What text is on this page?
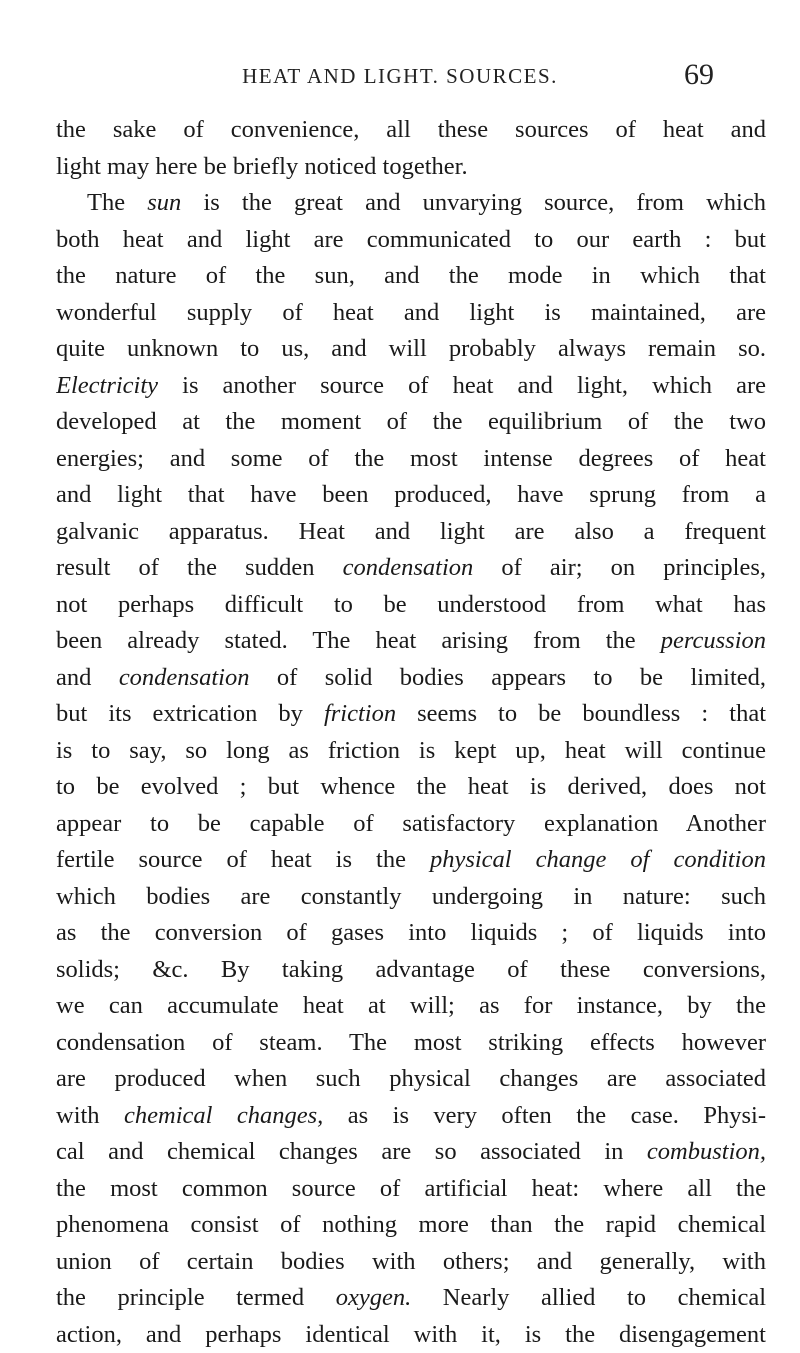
HEAT AND LIGHT. SOURCES.	69
the sake of convenience, all these sources of heat and
light may here be briefly noticed together.
The sun is the great and unvarying source, from which
both heat and light are communicated to our earth : but
the nature of the sun, and the mode in which that
wonderful supply of heat and light is maintained, are
quite unknown to us, and will probably always remain so.
Electricity is another source of heat and light, which are
developed at the moment of the equilibrium of the two
energies; and some of the most intense degrees of heat
and light that have been produced, have sprung from a
galvanic apparatus. Heat and light are also a frequent
result of the sudden condensation of air; on principles,
not perhaps difficult to be understood from what has
been already stated. The heat arising from the percussion
and condensation of solid bodies appears to be limited,
but its extrication by friction seems to be boundless : that
is to say, so long as friction is kept up, heat will continue
to be evolved ; but whence the heat is derived, does not
appear to be capable of satisfactory explanation Another
fertile source of heat is the physical change of condition
which bodies are constantly undergoing in nature: such
as the conversion of gases into liquids ; of liquids into
solids; &c. By taking advantage of these conversions,
we can accumulate heat at will; as for instance, by the
condensation of steam. The most striking effects however
are produced when such physical changes are associated
with chemical changes, as is very often the case. Physi-
cal and chemical changes are so associated in combustion,
the most common source of artificial heat: where all the
phenomena consist of nothing more than the rapid chemical
union of certain bodies with others; and generally, with
the principle termed oxygen. Nearly allied to chemical
action, and perhaps identical with it, is the disengagement
